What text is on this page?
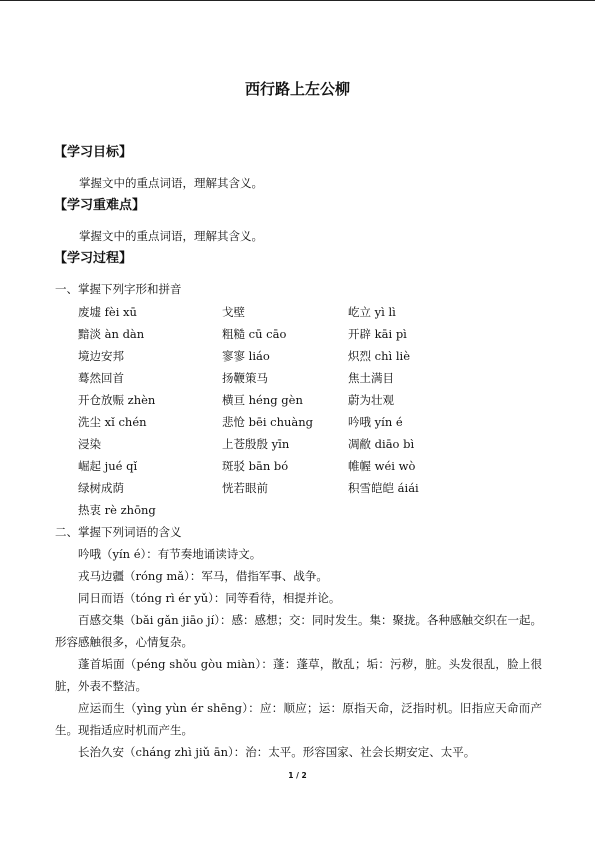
西行路上左公柳
【学习目标】
掌握文中的重点词语，理解其含义。
【学习重难点】
掌握文中的重点词语，理解其含义。
【学习过程】
一、掌握下列字形和拼音
废墟 fèi xū	戈壁	屹立 yì lì
黯淡 àn dàn	粗糙 cū cāo	开辟 kāi pì
境边安邦	寥寥 liáo	炽烈 chì liè
蓦然回首	扬鞭策马	焦土满目
开仓放赈 zhèn	横亘 héng gèn	蔚为壮观
洗尘 xǐ chén	悲怆 bēi chuàng	吟哦 yín é
浸染	上苍殷殷 yīn	凋敝 diāo bì
崛起 jué qǐ	斑驳 bān bó	帷幄 wéi wò
绿树成荫	恍若眼前	积雪皑皑 áiái
热衷 rè zhōng
二、掌握下列词语的含义

吟哦（yín é）：有节奏地诵读诗文。

戎马边疆（róng mǎ）：军马，借指军事、战争。

同日而语（tóng rì ér yǔ）：同等看待，相提并论。

百感交集（bǎi gǎn jiāo jí）：感：感想；交：同时发生。集：聚拢。各种感触交织在一起。形容感触很多，心情复杂。

蓬首垢面（péng shǒu gòu miàn）：蓬：蓬草，散乱；垢：污秽，脏。头发很乱，脸上很脏，外表不整洁。

应运而生（yìng yùn ér shēng）：应：顺应；运：原指天命，泛指时机。旧指应天命而产生。现指适应时机而产生。

长治久安（cháng zhì jiǔ ān）：治：太平。形容国家、社会长期安定、太平。

1 / 2
